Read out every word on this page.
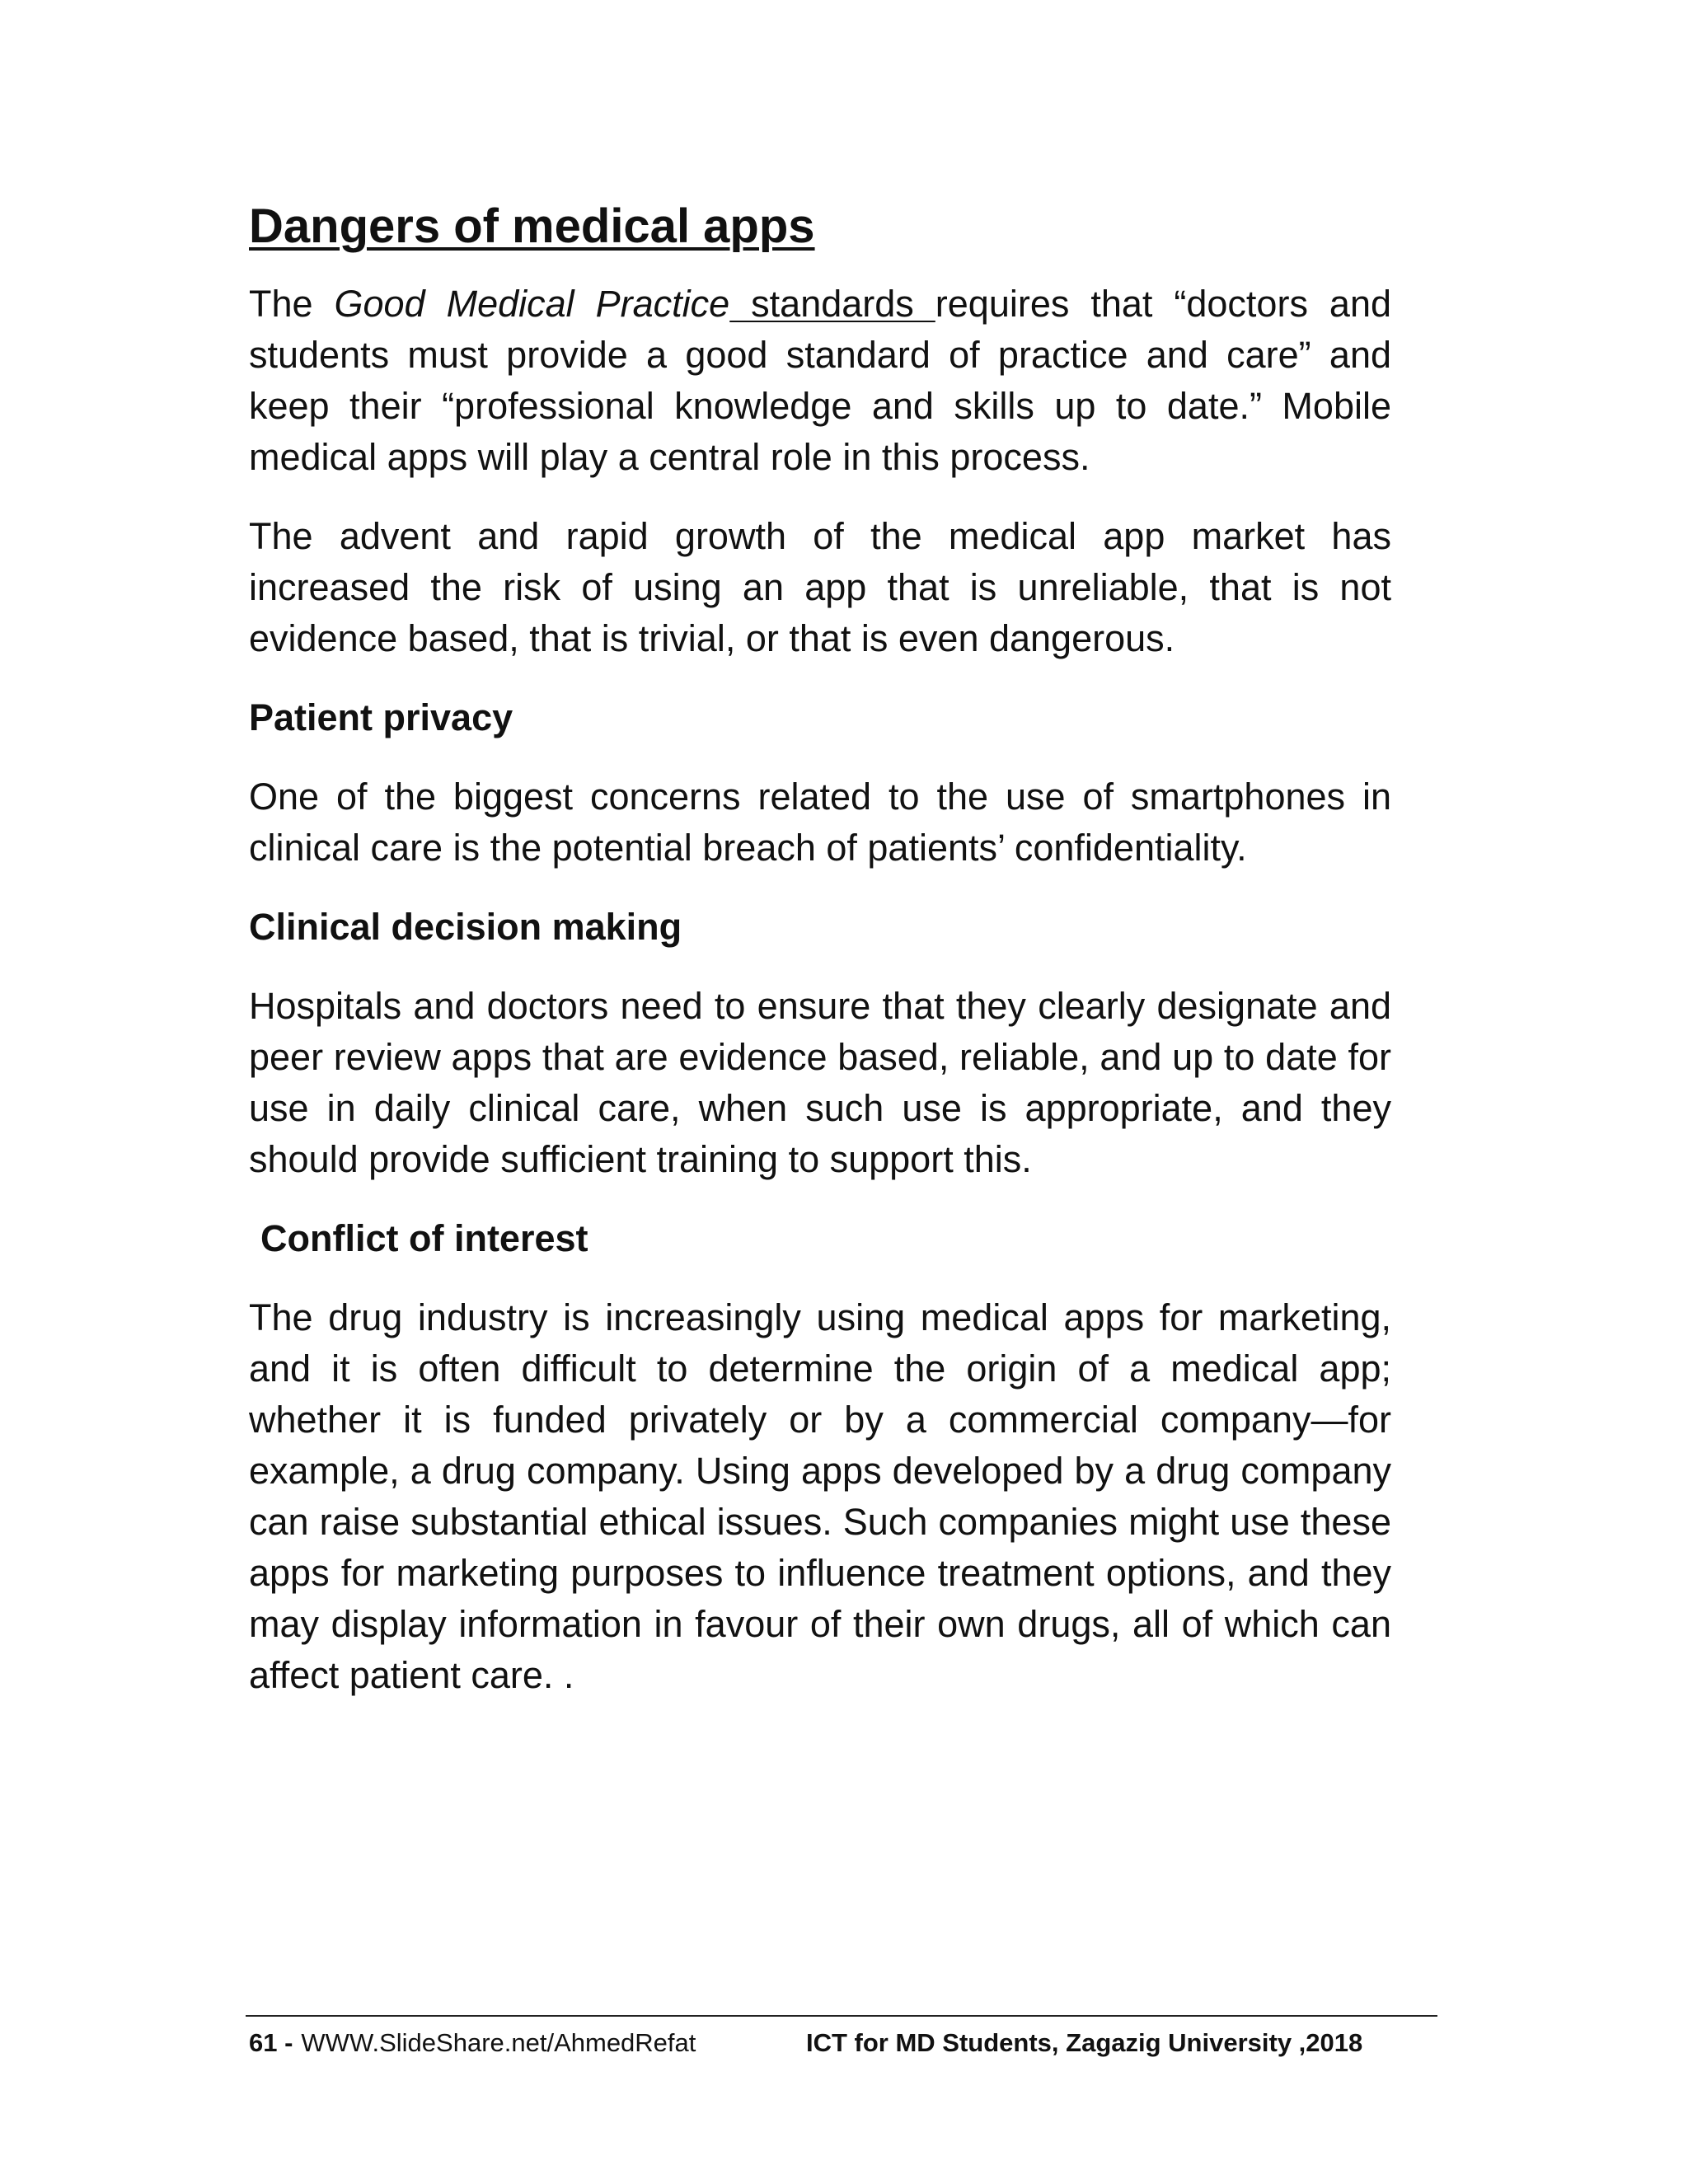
Dangers of medical apps

The Good Medical Practice standards requires that “doctors and students must provide a good standard of practice and care” and keep their “professional knowledge and skills up to date.” Mobile medical apps will play a central role in this process.

The advent and rapid growth of the medical app market has increased the risk of using an app that is unreliable, that is not evidence based, that is trivial, or that is even dangerous.

Patient privacy

One of the biggest concerns related to the use of smartphones in clinical care is the potential breach of patients’ confidentiality.

Clinical decision making

Hospitals and doctors need to ensure that they clearly designate and peer review apps that are evidence based, reliable, and up to date for use in daily clinical care, when such use is appropriate, and they should provide sufficient training to support this.

Conflict of interest

The drug industry is increasingly using medical apps for marketing, and it is often difficult to determine the origin of a medical app; whether it is funded privately or by a commercial company—for example, a drug company. Using apps developed by a drug company can raise substantial ethical issues. Such companies might use these apps for marketing purposes to influence treatment options, and they may display information in favour of their own drugs, all of which can affect patient care. .

61 - WWW.SlideShare.net/AhmedRefat	ICT for MD Students, Zagazig University ,2018
